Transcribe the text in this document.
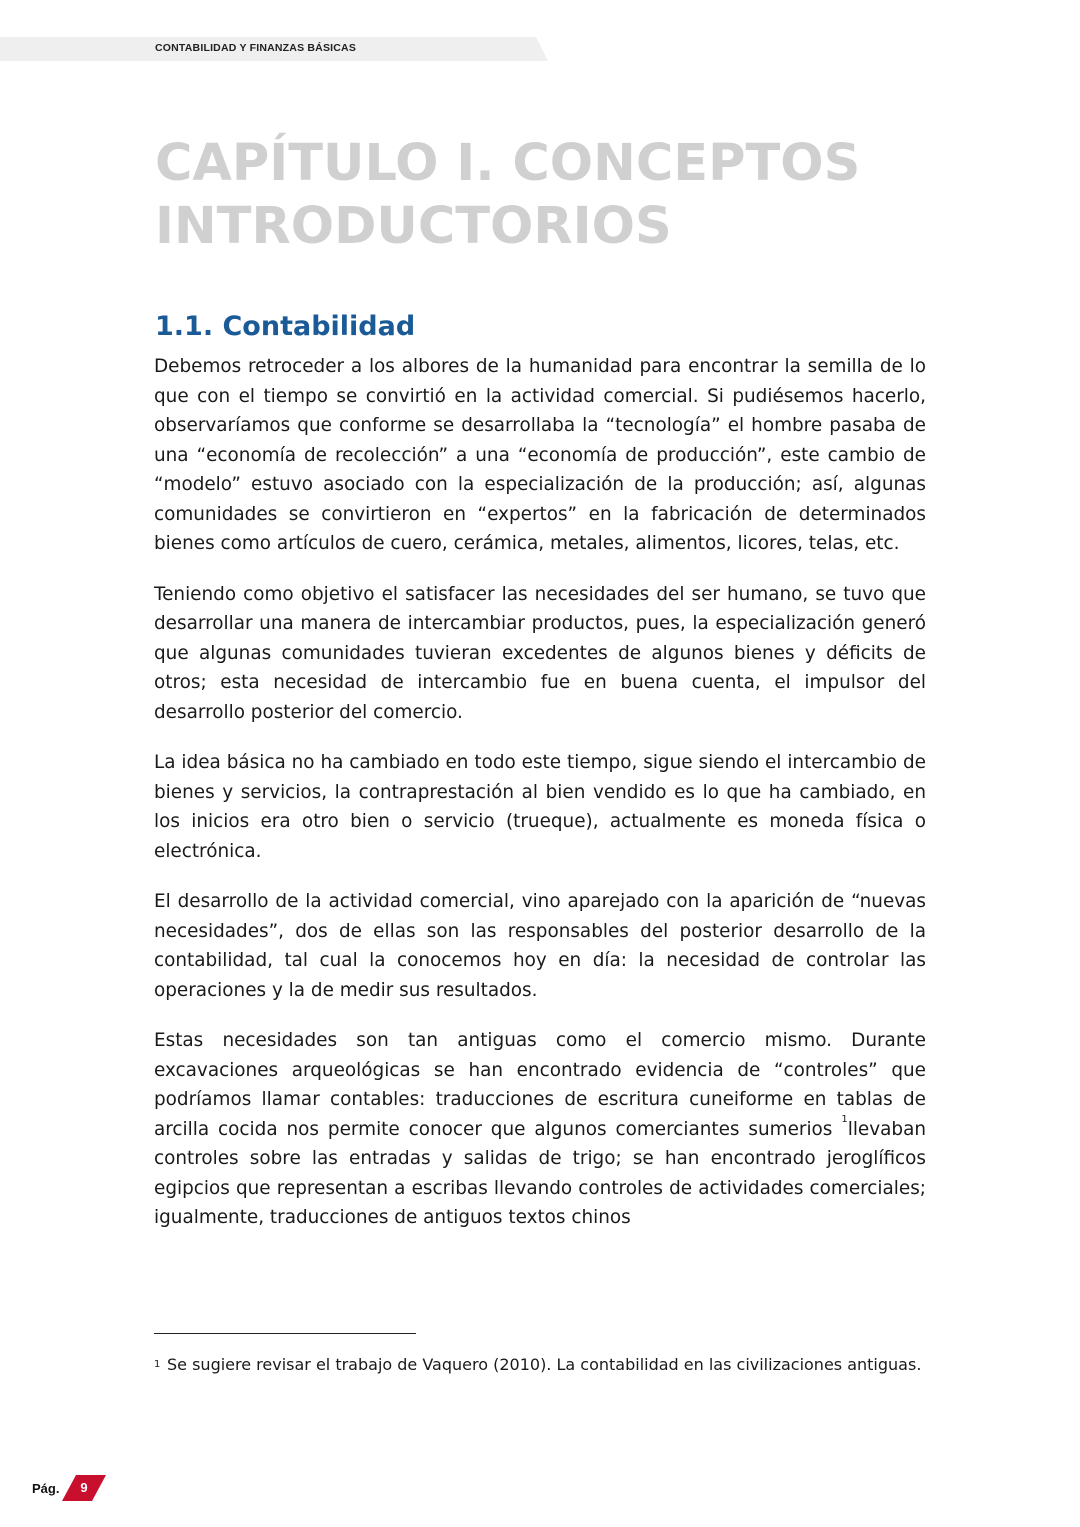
CONTABILIDAD Y FINANZAS BÁSICAS
CAPÍTULO I. CONCEPTOS INTRODUCTORIOS
1.1. Contabilidad

Debemos retroceder a los albores de la humanidad para encontrar la semilla de lo que con el tiempo se convirtió en la actividad comercial. Si pudiésemos hacerlo, observaríamos que conforme se desarrollaba la “tecnología” el hombre pasaba de una “economía de recolección” a una “economía de producción”, este cambio de “modelo” estuvo asociado con la especialización de la producción; así, algunas comunidades se convirtieron en “expertos” en la fabricación de determinados bienes como artículos de cuero, cerámica, metales, alimentos, licores, telas, etc.

Teniendo como objetivo el satisfacer las necesidades del ser humano, se tuvo que desarrollar una manera de intercambiar productos, pues, la especialización generó que algunas comunidades tuvieran excedentes de algunos bienes y déficits de otros; esta necesidad de intercambio fue en buena cuenta, el impulsor del desarrollo posterior del comercio.

La idea básica no ha cambiado en todo este tiempo, sigue siendo el intercambio de bienes y servicios, la contraprestación al bien vendido es lo que ha cambiado, en los inicios era otro bien o servicio (trueque), actualmente es moneda física o electrónica.

El desarrollo de la actividad comercial, vino aparejado con la aparición de “nuevas necesidades”, dos de ellas son las responsables del posterior desarrollo de la contabilidad, tal cual la conocemos hoy en día: la necesidad de controlar las operaciones y la de medir sus resultados.

Estas necesidades son tan antiguas como el comercio mismo. Durante excavaciones arqueológicas se han encontrado evidencia de “controles” que podríamos llamar contables: traducciones de escritura cuneiforme en tablas de arcilla cocida nos permite conocer que algunos comerciantes sumerios $^1$llevaban controles sobre las entradas y salidas de trigo; se han encontrado jeroglíficos egipcios que representan a escribas llevando controles de actividades comerciales; igualmente, traducciones de antiguos textos chinos

1 Se sugiere revisar el trabajo de Vaquero (2010). La contabilidad en las civilizaciones antiguas.
Pág.	9
